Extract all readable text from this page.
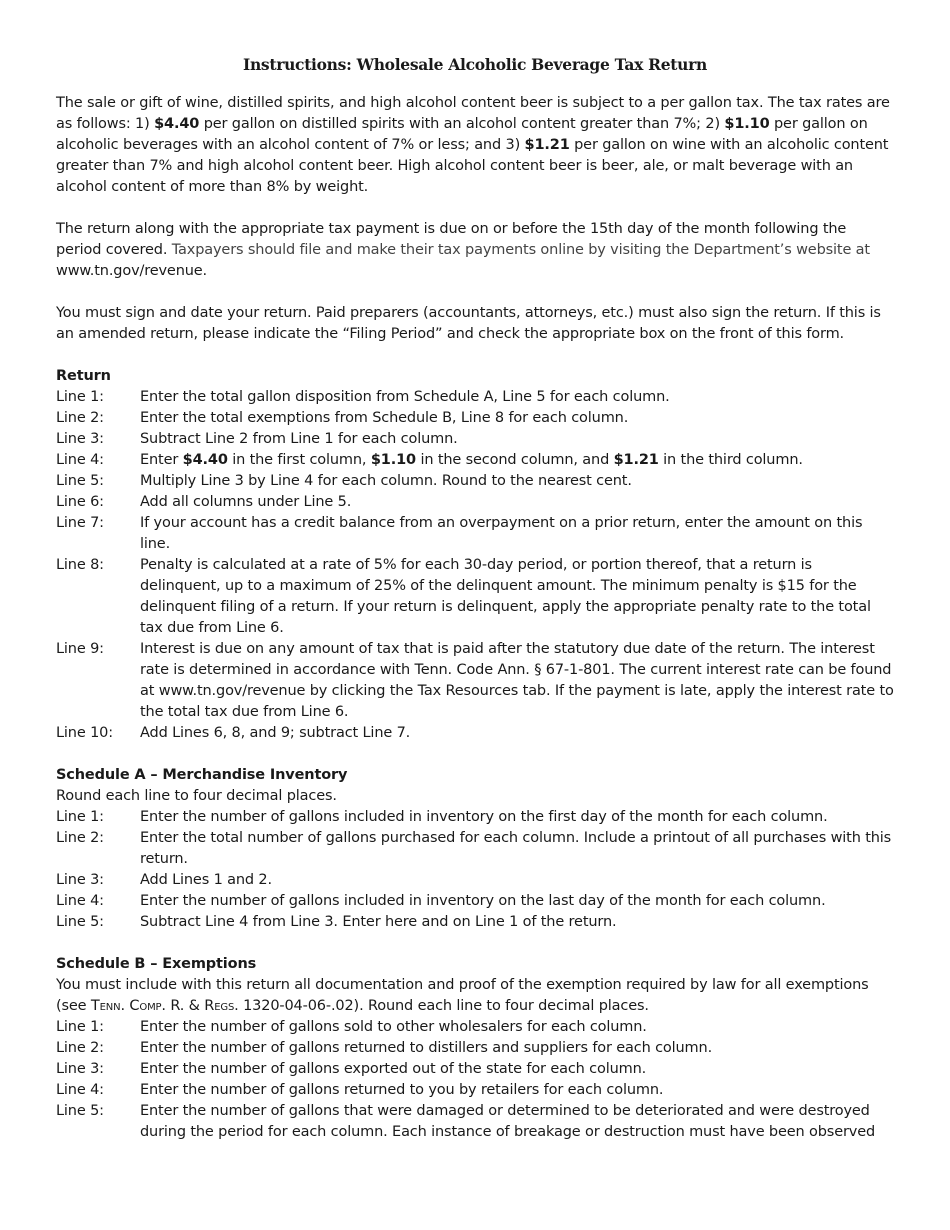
Instructions: Wholesale Alcoholic Beverage Tax Return

The sale or gift of wine, distilled spirits, and high alcohol content beer is subject to a per gallon tax. The tax rates are as follows: 1) $4.40 per gallon on distilled spirits with an alcohol content greater than 7%; 2) $1.10 per gallon on alcoholic beverages with an alcohol content of 7% or less; and 3) $1.21 per gallon on wine with an alcoholic content greater than 7% and high alcohol content beer. High alcohol content beer is beer, ale, or malt beverage with an alcohol content of more than 8% by weight.

The return along with the appropriate tax payment is due on or before the 15th day of the month following the period covered. Taxpayers should file and make their tax payments online by visiting the Department’s website at www.tn.gov/revenue.

You must sign and date your return. Paid preparers (accountants, attorneys, etc.) must also sign the return. If this is an amended return, please indicate the “Filing Period” and check the appropriate box on the front of this form.

Return

Line 1:	Enter the total gallon disposition from Schedule A, Line 5 for each column.
Line 2:	Enter the total exemptions from Schedule B, Line 8 for each column.
Line 3:	Subtract Line 2 from Line 1 for each column.
Line 4:	Enter $4.40 in the first column, $1.10 in the second column, and $1.21 in the third column.
Line 5:	Multiply Line 3 by Line 4 for each column. Round to the nearest cent.
Line 6:	Add all columns under Line 5.
Line 7:	If your account has a credit balance from an overpayment on a prior return, enter the amount on this line.
Line 8:	Penalty is calculated at a rate of 5% for each 30-day period, or portion thereof, that a return is delinquent, up to a maximum of 25% of the delinquent amount. The minimum penalty is $15 for the delinquent filing of a return. If your return is delinquent, apply the appropriate penalty rate to the total tax due from Line 6.
Line 9:	Interest is due on any amount of tax that is paid after the statutory due date of the return. The interest rate is determined in accordance with Tenn. Code Ann. § 67-1-801. The current interest rate can be found at www.tn.gov/revenue by clicking the Tax Resources tab. If the payment is late, apply the interest rate to the total tax due from Line 6.
Line 10:	Add Lines 6, 8, and 9; subtract Line 7.

Schedule A – Merchandise Inventory

Round each line to four decimal places.

Line 1:	Enter the number of gallons included in inventory on the first day of the month for each column.
Line 2:	Enter the total number of gallons purchased for each column. Include a printout of all purchases with this return.
Line 3:	Add Lines 1 and 2.
Line 4:	Enter the number of gallons included in inventory on the last day of the month for each column.
Line 5:	Subtract Line 4 from Line 3. Enter here and on Line 1 of the return.

Schedule B – Exemptions

You must include with this return all documentation and proof of the exemption required by law for all exemptions (see Tenn. Comp. R. & Regs. 1320-04-06-.02). Round each line to four decimal places.

Line 1:	Enter the number of gallons sold to other wholesalers for each column.
Line 2:	Enter the number of gallons returned to distillers and suppliers for each column.
Line 3:	Enter the number of gallons exported out of the state for each column.
Line 4:	Enter the number of gallons returned to you by retailers for each column.
Line 5:	Enter the number of gallons that were damaged or determined to be deteriorated and were destroyed during the period for each column. Each instance of breakage or destruction must have been observed
